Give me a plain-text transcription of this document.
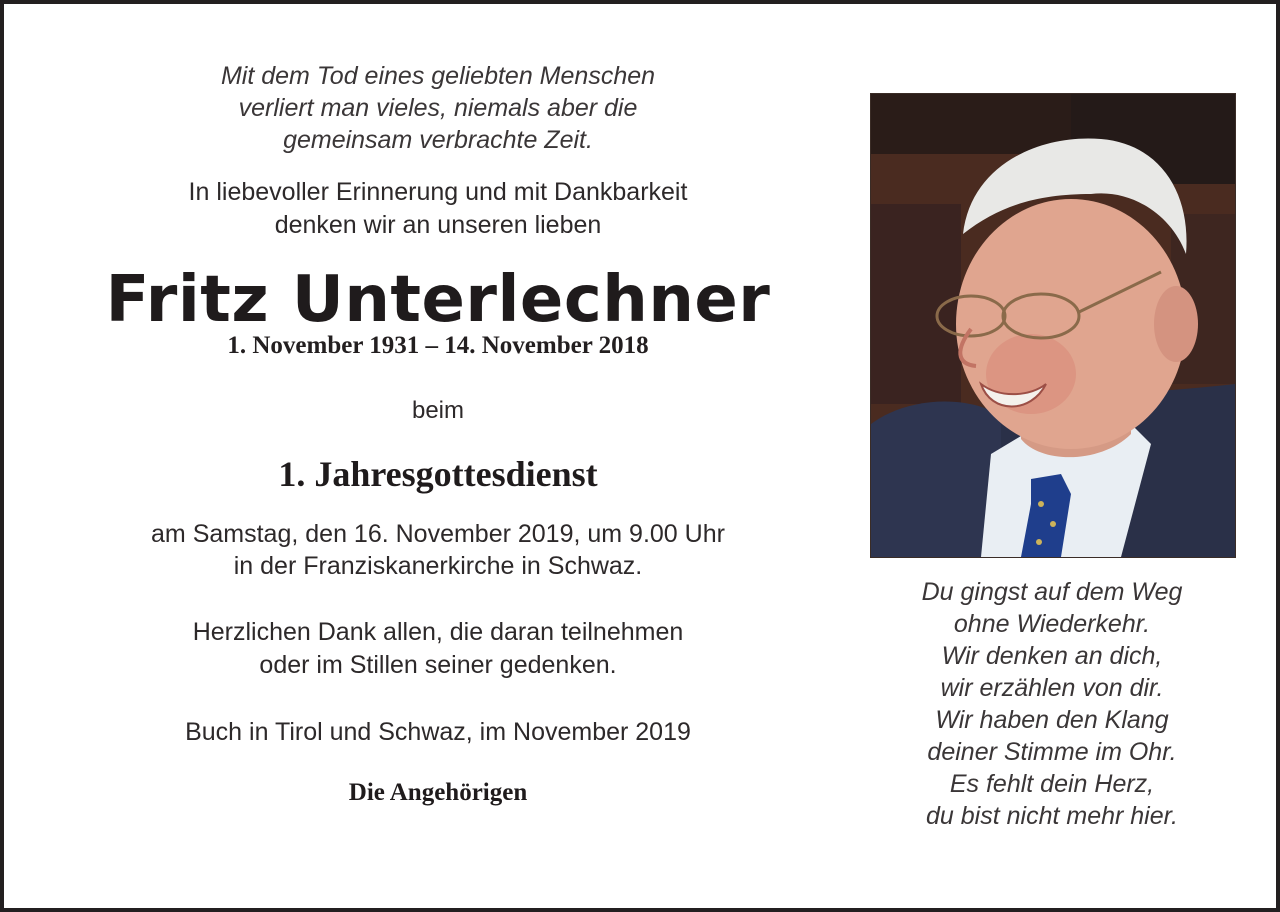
Mit dem Tod eines geliebten Menschen
verliert man vieles, niemals aber die
gemeinsam verbrachte Zeit.
In liebevoller Erinnerung und mit Dankbarkeit
denken wir an unseren lieben
Fritz Unterlechner
1. November 1931 – 14. November 2018
beim
1. Jahresgottesdienst
am Samstag, den 16. November 2019, um 9.00 Uhr
in der Franziskanerkirche in Schwaz.
Herzlichen Dank allen, die daran teilnehmen
oder im Stillen seiner gedenken.
Buch in Tirol und Schwaz, im November 2019
Die Angehörigen
Du gingst auf dem Weg
ohne Wiederkehr.
Wir denken an dich,
wir erzählen von dir.
Wir haben den Klang
deiner Stimme im Ohr.
Es fehlt dein Herz,
du bist nicht mehr hier.
